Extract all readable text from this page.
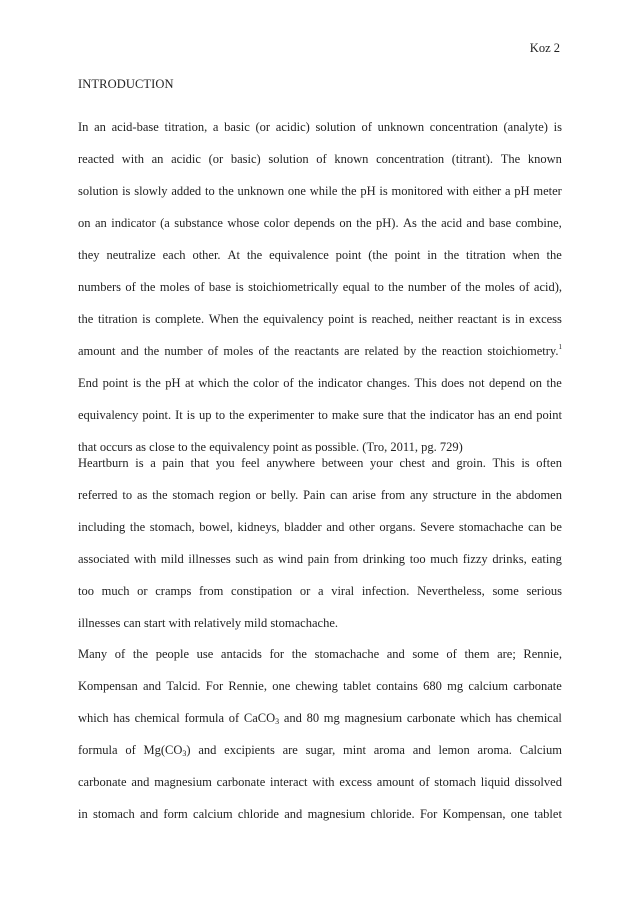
Koz 2
INTRODUCTION
In an acid-base titration, a basic (or acidic) solution of unknown concentration (analyte) is
reacted with an acidic (or basic) solution of known concentration (titrant). The known
solution is slowly added to the unknown one while the pH is monitored with either a pH meter
on an indicator (a substance whose color depends on the pH). As the acid and base combine,
they neutralize each other. At the equivalence point (the point in the titration when the
numbers of the moles of base is stoichiometrically equal to the number of the moles of acid),
the titration is complete. When the equivalency point is reached, neither reactant is in excess
amount and the number of moles of the reactants are related by the reaction stoichiometry.$^1$
End point is the pH at which the color of the indicator changes. This does not depend on the
equivalency point. It is up to the experimenter to make sure that the indicator has an end point
that occurs as close to the equivalency point as possible. (Tro, 2011, pg. 729)
Heartburn is a pain that you feel anywhere between your chest and groin. This is often
referred to as the stomach region or belly. Pain can arise from any structure in the abdomen
including the stomach, bowel, kidneys, bladder and other organs. Severe stomachache can be
associated with mild illnesses such as wind pain from drinking too much fizzy drinks, eating
too much or cramps from constipation or a viral infection. Nevertheless, some serious
illnesses can start with relatively mild stomachache.
Many of the people use antacids for the stomachache and some of them are; Rennie,
Kompensan and Talcid. For Rennie, one chewing tablet contains 680 mg calcium carbonate
which has chemical formula of CaCO$_3$ and 80 mg magnesium carbonate which has chemical
formula of $Mg(CO_3)$ and excipients are sugar, mint aroma and lemon aroma. Calcium
carbonate and magnesium carbonate interact with excess amount of stomach liquid dissolved
in stomach and form calcium chloride and magnesium chloride. For Kompensan, one tablet
